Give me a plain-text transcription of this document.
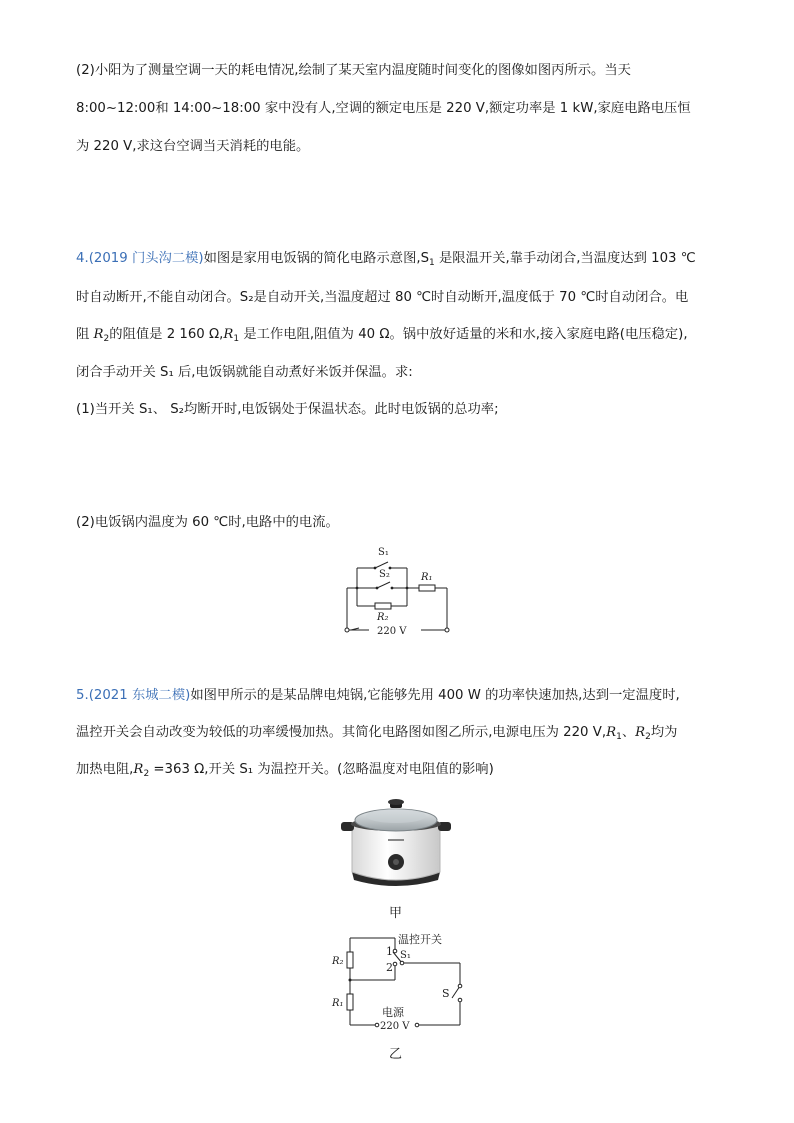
(2)小阳为了测量空调一天的耗电情况,绘制了某天室内温度随时间变化的图像如图丙所示。当天
8:00~12:00和 14:00~18:00 家中没有人,空调的额定电压是 220 V,额定功率是 1 kW,家庭电路电压恒
为 220 V,求这台空调当天消耗的电能。
4.(2019 门头沟二模)如图是家用电饭锅的简化电路示意图$,S_1$ 是限温开关,靠手动闭合,当温度达到 103 ℃
时自动断开,不能自动闭合。S₂是自动开关,当温度超过 80 ℃时自动断开,温度低于 70 ℃时自动闭合。电
阻 $R_2$的阻值是 2 160 $\Omega,R_1$ 是工作电阻,阻值为 40 Ω。锅中放好适量的米和水,接入家庭电路(电压稳定),
闭合手动开关 S₁ 后,电饭锅就能自动煮好米饭并保温。求:
(1)当开关 S₁、 S₂均断开时,电饭锅处于保温状态。此时电饭锅的总功率;
(2)电饭锅内温度为 60 ℃时,电路中的电流。
S₁
S₂	R₁
R₂
220 V
5.(2021 东城二模)如图甲所示的是某品牌电炖锅,它能够先用 400 W 的功率快速加热,达到一定温度时,
温控开关会自动改变为较低的功率缓慢加热。其简化电路图如图乙所示,电源电压为 220 $V,R_1$、$R_2$均为
加热电阻$,R_2 =363$ Ω,开关 S₁ 为温控开关。(忽略温度对电阻值的影响)
甲
温控开关
1
2
S₁
S
R₂
R₁
电源
220 V
乙
